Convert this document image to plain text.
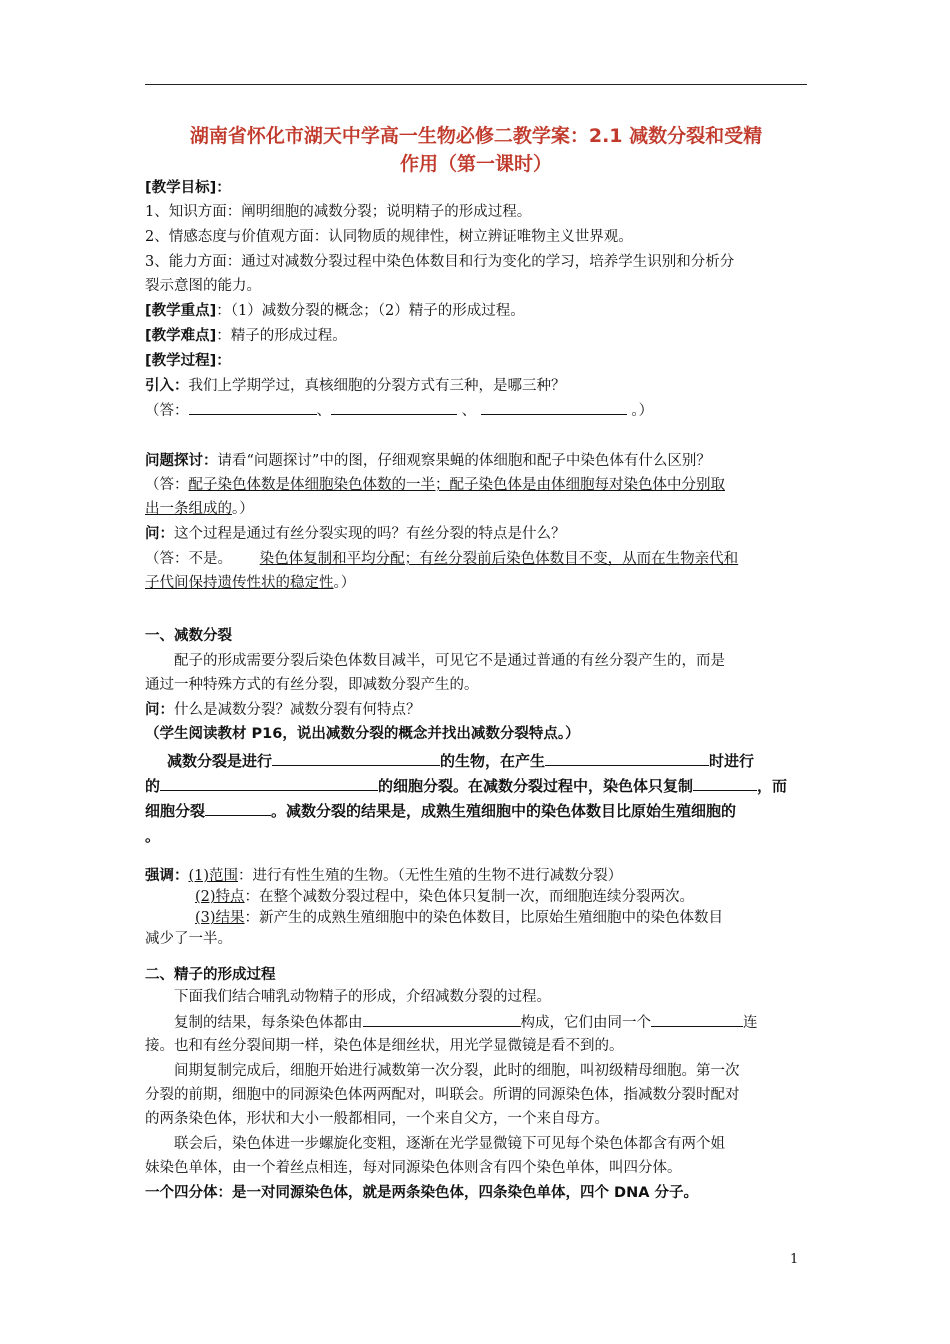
湖南省怀化市湖天中学高一生物必修二教学案：2.1 减数分裂和受精
作用（第一课时）
[教学目标]：
1、知识方面：阐明细胞的减数分裂；说明精子的形成过程。
2、情感态度与价值观方面：认同物质的规律性，树立辨证唯物主义世界观。
3、能力方面：通过对减数分裂过程中染色体数目和行为变化的学习，培养学生识别和分析分
裂示意图的能力。
[教学重点]：（1）减数分裂的概念；（2）精子的形成过程。
[教学难点]：精子的形成过程。
[教学过程]：
引入：我们上学期学过，真核细胞的分裂方式有三种，是哪三种？
（答：	、	、	。）
问题探讨：请看“问题探讨”中的图，仔细观察果蝇的体细胞和配子中染色体有什么区别？
（答：配子染色体数是体细胞染色体数的一半；配子染色体是由体细胞每对染色体中分别取
出一条组成的。）
问：这个过程是通过有丝分裂实现的吗？有丝分裂的特点是什么？
（答：不是。      染色体复制和平均分配；有丝分裂前后染色体数目不变，从而在生物亲代和
子代间保持遗传性状的稳定性。）
一、减数分裂
配子的形成需要分裂后染色体数目减半，可见它不是通过普通的有丝分裂产生的，而是
通过一种特殊方式的有丝分裂，即减数分裂产生的。
问：什么是减数分裂？减数分裂有何特点？
（学生阅读教材 P16，说出减数分裂的概念并找出减数分裂特点。）
减数分裂是进行	的生物，在产生	时进行
的	的细胞分裂。在减数分裂过程中，染色体只复制	，而
细胞分裂	。减数分裂的结果是，成熟生殖细胞中的染色体数目比原始生殖细胞的
。
强调：(1)范围：进行有性生殖的生物。（无性生殖的生物不进行减数分裂）
(2)特点：在整个减数分裂过程中，染色体只复制一次，而细胞连续分裂两次。
(3)结果：新产生的成熟生殖细胞中的染色体数目，比原始生殖细胞中的染色体数目
减少了一半。
二、精子的形成过程
下面我们结合哺乳动物精子的形成，介绍减数分裂的过程。
复制的结果，每条染色体都由	构成，它们由同一个	连
接。也和有丝分裂间期一样，染色体是细丝状，用光学显微镜是看不到的。
间期复制完成后，细胞开始进行减数第一次分裂，此时的细胞，叫初级精母细胞。第一次
分裂的前期，细胞中的同源染色体两两配对，叫联会。所谓的同源染色体，指减数分裂时配对
的两条染色体，形状和大小一般都相同，一个来自父方，一个来自母方。
联会后，染色体进一步螺旋化变粗，逐渐在光学显微镜下可见每个染色体都含有两个姐
妹染色单体，由一个着丝点相连，每对同源染色体则含有四个染色单体，叫四分体。
一个四分体：是一对同源染色体，就是两条染色体，四条染色单体，四个 DNA 分子。
1
